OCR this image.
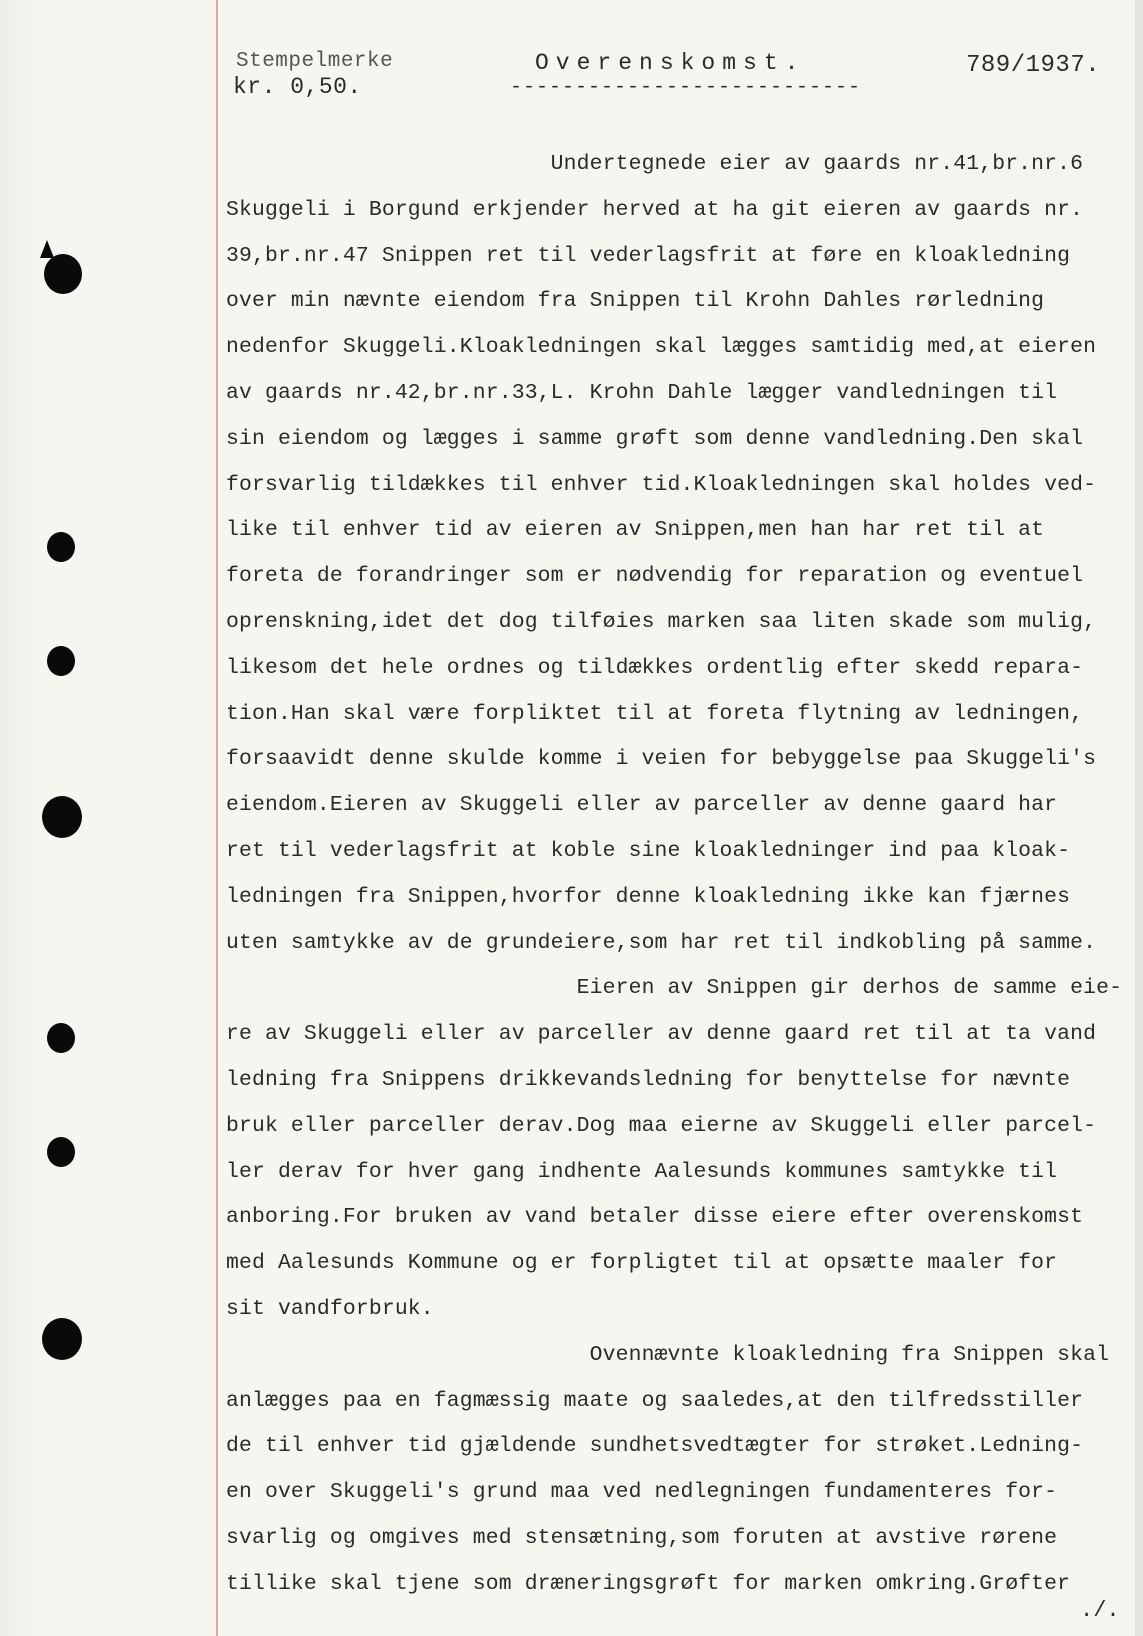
Stempelmerke
kr. 0,50.
Overenskomst.
---------------------------
789/1937.
Undertegnede eier av gaards nr.41,br.nr.6
Skuggeli i Borgund erkjender herved at ha git eieren av gaards nr.
39,br.nr.47 Snippen ret til vederlagsfrit at føre en kloakledning
over min nævnte eiendom fra Snippen til Krohn Dahles rørledning
nedenfor Skuggeli.Kloakledningen skal lægges samtidig med,at eieren
av gaards nr.42,br.nr.33,L. Krohn Dahle lægger vandledningen til
sin eiendom og lægges i samme grøft som denne vandledning.Den skal
forsvarlig tildækkes til enhver tid.Kloakledningen skal holdes ved-
like til enhver tid av eieren av Snippen,men han har ret til at
foreta de forandringer som er nødvendig for reparation og eventuel
oprenskning,idet det dog tilføies marken saa liten skade som mulig,
likesom det hele ordnes og tildækkes ordentlig efter skedd repara-
tion.Han skal være forpliktet til at foreta flytning av ledningen,
forsaavidt denne skulde komme i veien for bebyggelse paa Skuggeli's
eiendom.Eieren av Skuggeli eller av parceller av denne gaard har
ret til vederlagsfrit at koble sine kloakledninger ind paa kloak-
ledningen fra Snippen,hvorfor denne kloakledning ikke kan fjærnes
uten samtykke av de grundeiere,som har ret til indkobling på samme.
Eieren av Snippen gir derhos de samme eie-
re av Skuggeli eller av parceller av denne gaard ret til at ta vand
ledning fra Snippens drikkevandsledning for benyttelse for nævnte
bruk eller parceller derav.Dog maa eierne av Skuggeli eller parcel-
ler derav for hver gang indhente Aalesunds kommunes samtykke til
anboring.For bruken av vand betaler disse eiere efter overenskomst
med Aalesunds Kommune og er forpligtet til at opsætte maaler for
sit vandforbruk.
Ovennævnte kloakledning fra Snippen skal
anlægges paa en fagmæssig maate og saaledes,at den tilfredsstiller
de til enhver tid gjældende sundhetsvedtægter for strøket.Ledning-
en over Skuggeli's grund maa ved nedlegningen fundamenteres for-
svarlig og omgives med stensætning,som foruten at avstive rørene
tillike skal tjene som dræneringsgrøft for marken omkring.Grøfter
./.
